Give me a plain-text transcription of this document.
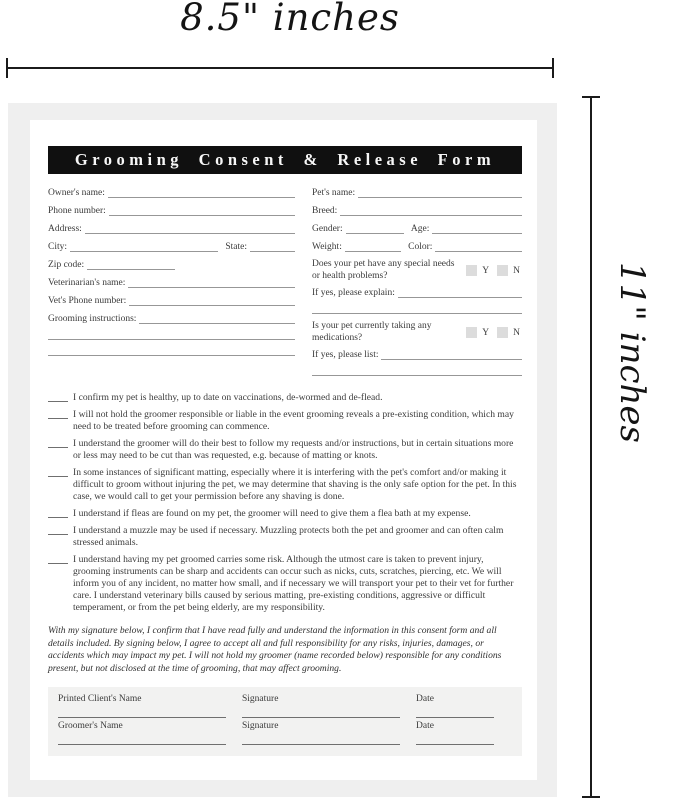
8.5" inches
11" inches
Grooming Consent & Release Form
Owner's name:
Phone number:
Address:
City:	State:
Zip code:
Veterinarian's name:
Vet's Phone number:
Grooming instructions:
Pet's name:
Breed:
Gender:	Age:
Weight:	Color:
Does your pet have any special needs or health problems?	Y	N
If yes, please explain:
Is your pet currently taking any medications?	Y	N
If yes, please list:
I confirm my pet is healthy, up to date on vaccinations, de-wormed and de-flead.
I will not hold the groomer responsible or liable in the event grooming reveals a pre-existing condition, which may need to be treated before grooming can commence.
I understand the groomer will do their best to follow my requests and/or instructions, but in certain situations more or less may need to be cut than was requested, e.g. because of matting or knots.
In some instances of significant matting, especially where it is interfering with the pet's comfort and/or making it difficult to groom without injuring the pet, we may determine that shaving is the only safe option for the pet. In this case, we would call to get your permission before any shaving is done.
I understand if fleas are found on my pet, the groomer will need to give them a flea bath at my expense.
I understand a muzzle may be used if necessary. Muzzling protects both the pet and groomer and can often calm stressed animals.
I understand having my pet groomed carries some risk. Although the utmost care is taken to prevent injury, grooming instruments can be sharp and accidents can occur such as nicks, cuts, scratches, piercing, etc. We will inform you of any incident, no matter how small, and if necessary we will transport your pet to their vet for further care. I understand veterinary bills caused by serious matting, pre-existing conditions, aggressive or difficult temperament, or from the pet being elderly, are my responsibility.

With my signature below, I confirm that I have read fully and understand the information in this consent form and all details included. By signing below, I agree to accept all and full responsibility for any risks, injuries, damages, or accidents which may impact my pet. I will not hold my groomer (name recorded below) responsible for any conditions present, but not disclosed at the time of grooming, that may affect grooming.

Printed Client's Name	Signature	Date
Groomer's Name	Signature	Date
